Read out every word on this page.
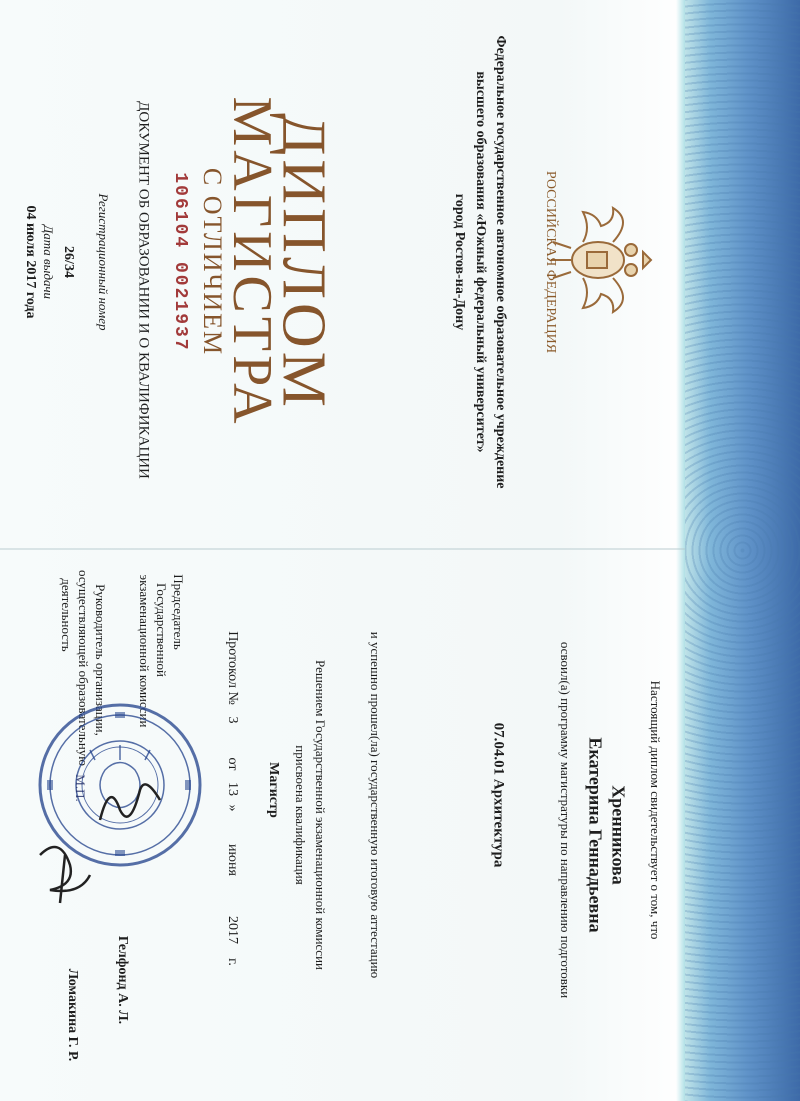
РОССИЙСКАЯ ФЕДЕРАЦИЯ
Федеральное государственное автономное образовательное учреждение
высшего образования «Южный федеральный университет»
город Ростов-на-Дону
ДИПЛОМ
МАГИСТРА
С ОТЛИЧИЕМ
106104 0021937
ДОКУМЕНТ ОБ ОБРАЗОВАНИИ И О КВАЛИФИКАЦИИ
Регистрационный номер
26/34
Дата выдачи
04 июля 2017 года
Настоящий диплом свидетельствует о том, что
Хренникова
Екатерина Геннадьевна
освоил(а) программу магистратуры по направлению подготовки
07.04.01 Архитектура
и успешно прошел(ла) государственную итоговую аттестацию
Решением Государственной экзаменационной комиссии
присвоена квалификация
Магистр
Протокол №
3
от
13
»
июня
2017
г.
Председатель
Государственной
экзаменационной комиссии
Гелфонд А. Л.
Руководитель организации,
осуществляющей образовательную
деятельность
Ломакина Г. Р.
М.П.
